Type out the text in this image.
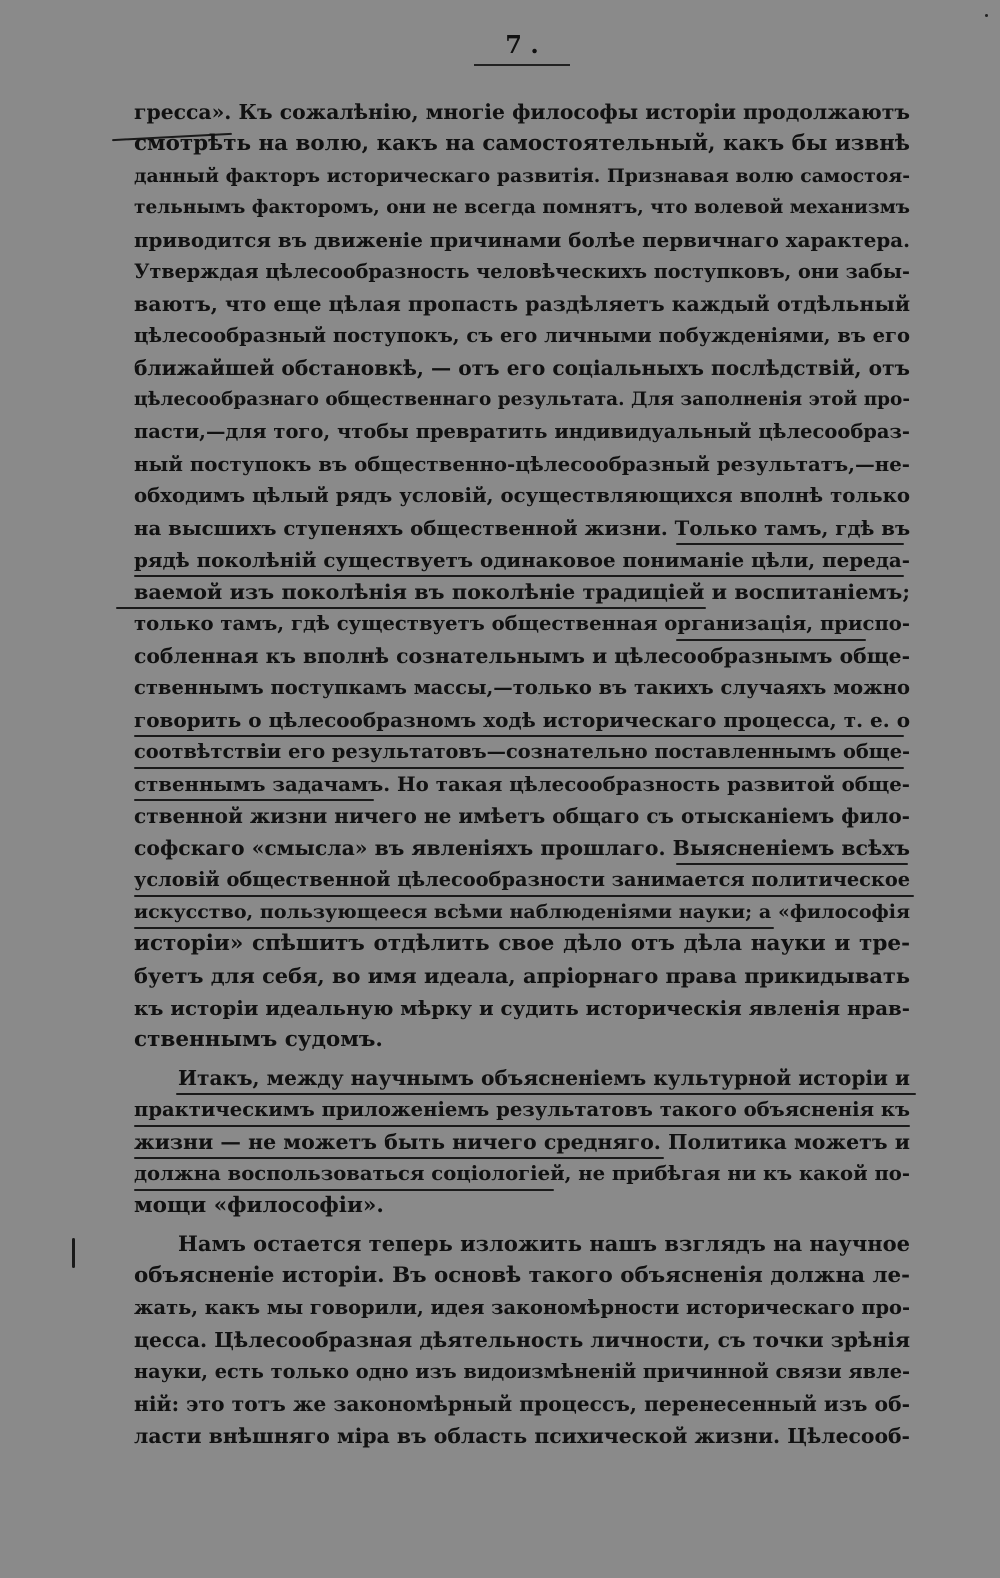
7 .
гресса». Къ сожалѣнію, многіе философы исторіи продолжаютъ
смотрѣть на волю, какъ на самостоятельный, какъ бы извнѣ
данный факторъ историческаго развитія. Признавая волю самостоя-
тельнымъ факторомъ, они не всегда помнятъ, что волевой механизмъ
приводится въ движеніе причинами болѣе первичнаго характера.
Утверждая цѣлесообразность человѣческихъ поступковъ, они забы-
ваютъ, что еще цѣлая пропасть раздѣляетъ каждый отдѣльный
цѣлесообразный поступокъ, съ его личными побужденіями, въ его
ближайшей обстановкѣ, — отъ его соціальныхъ послѣдствій, отъ
цѣлесообразнаго общественнаго результата. Для заполненія этой про-
пасти,—для того, чтобы превратить индивидуальный цѣлесообраз-
ный поступокъ въ общественно-цѣлесообразный результатъ,—не-
обходимъ цѣлый рядъ условій, осуществляющихся вполнѣ только
на высшихъ ступеняхъ общественной жизни. Только тамъ, гдѣ въ
рядѣ поколѣній существуетъ одинаковое пониманіе цѣли, переда-
ваемой изъ поколѣнія въ поколѣніе традиціей и воспитаніемъ;
только тамъ, гдѣ существуетъ общественная организація, приспо-
собленная къ вполнѣ сознательнымъ и цѣлесообразнымъ обще-
ственнымъ поступкамъ массы,—только въ такихъ случаяхъ можно
говорить о цѣлесообразномъ ходѣ историческаго процесса, т. е. о
соотвѣтствіи его результатовъ—сознательно поставленнымъ обще-
ственнымъ задачамъ. Но такая цѣлесообразность развитой обще-
ственной жизни ничего не имѣетъ общаго съ отысканіемъ фило-
софскаго «смысла» въ явленіяхъ прошлаго. Выясненіемъ всѣхъ
условій общественной цѣлесообразности занимается политическое
искусство, пользующееся всѣми наблюденіями науки; а «философія
исторіи» спѣшитъ отдѣлить свое дѣло отъ дѣла науки и тре-
буетъ для себя, во имя идеала, апріорнаго права прикидывать
къ исторіи идеальную мѣрку и судить историческія явленія нрав-
ственнымъ судомъ.
Итакъ, между научнымъ объясненіемъ культурной исторіи и
практическимъ приложеніемъ результатовъ такого объясненія къ
жизни — не можетъ быть ничего средняго. Политика можетъ и
должна воспользоваться соціологіей, не прибѣгая ни къ какой по-
мощи «философіи».
Намъ остается теперь изложить нашъ взглядъ на научное
объясненіе исторіи. Въ основѣ такого объясненія должна ле-
жать, какъ мы говорили, идея закономѣрности историческаго про-
цесса. Цѣлесообразная дѣятельность личности, съ точки зрѣнія
науки, есть только одно изъ видоизмѣненій причинной связи явле-
ній: это тотъ же закономѣрный процессъ, перенесенный изъ об-
ласти внѣшняго міра въ область психической жизни. Цѣлесооб-
